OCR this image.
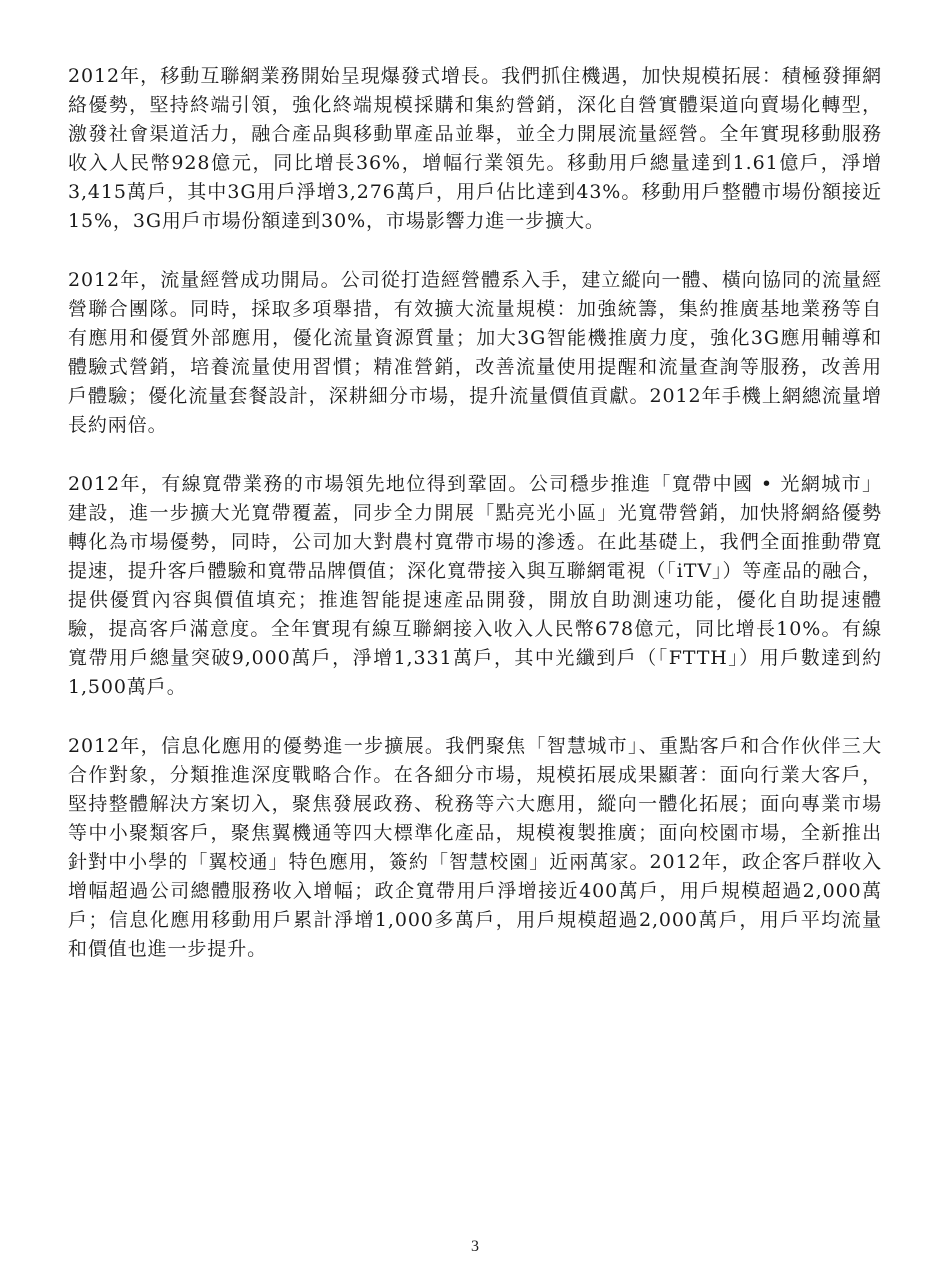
2012年，移動互聯網業務開始呈現爆發式增長。我們抓住機遇，加快規模拓展：積極發揮網絡優勢，堅持終端引領，強化終端規模採購和集約營銷，深化自營實體渠道向賣場化轉型，激發社會渠道活力，融合產品與移動單產品並舉，並全力開展流量經營。全年實現移動服務收入人民幣928億元，同比增長36%，增幅行業領先。移動用戶總量達到1.61億戶，淨增3,415萬戶，其中3G用戶淨增3,276萬戶，用戶佔比達到43%。移動用戶整體市場份額接近15%，3G用戶市場份額達到30%，市場影響力進一步擴大。

2012年，流量經營成功開局。公司從打造經營體系入手，建立縱向一體、橫向協同的流量經營聯合團隊。同時，採取多項舉措，有效擴大流量規模：加強統籌，集約推廣基地業務等自有應用和優質外部應用，優化流量資源質量；加大3G智能機推廣力度，強化3G應用輔導和體驗式營銷，培養流量使用習慣；精准營銷，改善流量使用提醒和流量查詢等服務，改善用戶體驗；優化流量套餐設計，深耕細分市場，提升流量價值貢獻。2012年手機上網總流量增長約兩倍。

2012年，有線寬帶業務的市場領先地位得到鞏固。公司穩步推進「寬帶中國 • 光網城市」建設，進一步擴大光寬帶覆蓋，同步全力開展「點亮光小區」光寬帶營銷，加快將網絡優勢轉化為市場優勢，同時，公司加大對農村寬帶市場的滲透。在此基礎上，我們全面推動帶寬提速，提升客戶體驗和寬帶品牌價值；深化寬帶接入與互聯網電視（「iTV」）等產品的融合，提供優質內容與價值填充；推進智能提速產品開發，開放自助測速功能，優化自助提速體驗，提高客戶滿意度。全年實現有線互聯網接入收入人民幣678億元，同比增長10%。有線寬帶用戶總量突破9,000萬戶，淨增1,331萬戶，其中光纖到戶（「FTTH」）用戶數達到約1,500萬戶。

2012年，信息化應用的優勢進一步擴展。我們聚焦「智慧城市」、重點客戶和合作伙伴三大合作對象，分類推進深度戰略合作。在各細分市場，規模拓展成果顯著：面向行業大客戶，堅持整體解決方案切入，聚焦發展政務、稅務等六大應用，縱向一體化拓展；面向專業市場等中小聚類客戶，聚焦翼機通等四大標準化產品，規模複製推廣；面向校園市場，全新推出針對中小學的「翼校通」特色應用，簽約「智慧校園」近兩萬家。2012年，政企客戶群收入增幅超過公司總體服務收入增幅；政企寬帶用戶淨增接近400萬戶，用戶規模超過2,000萬戶；信息化應用移動用戶累計淨增1,000多萬戶，用戶規模超過2,000萬戶，用戶平均流量和價值也進一步提升。

3
